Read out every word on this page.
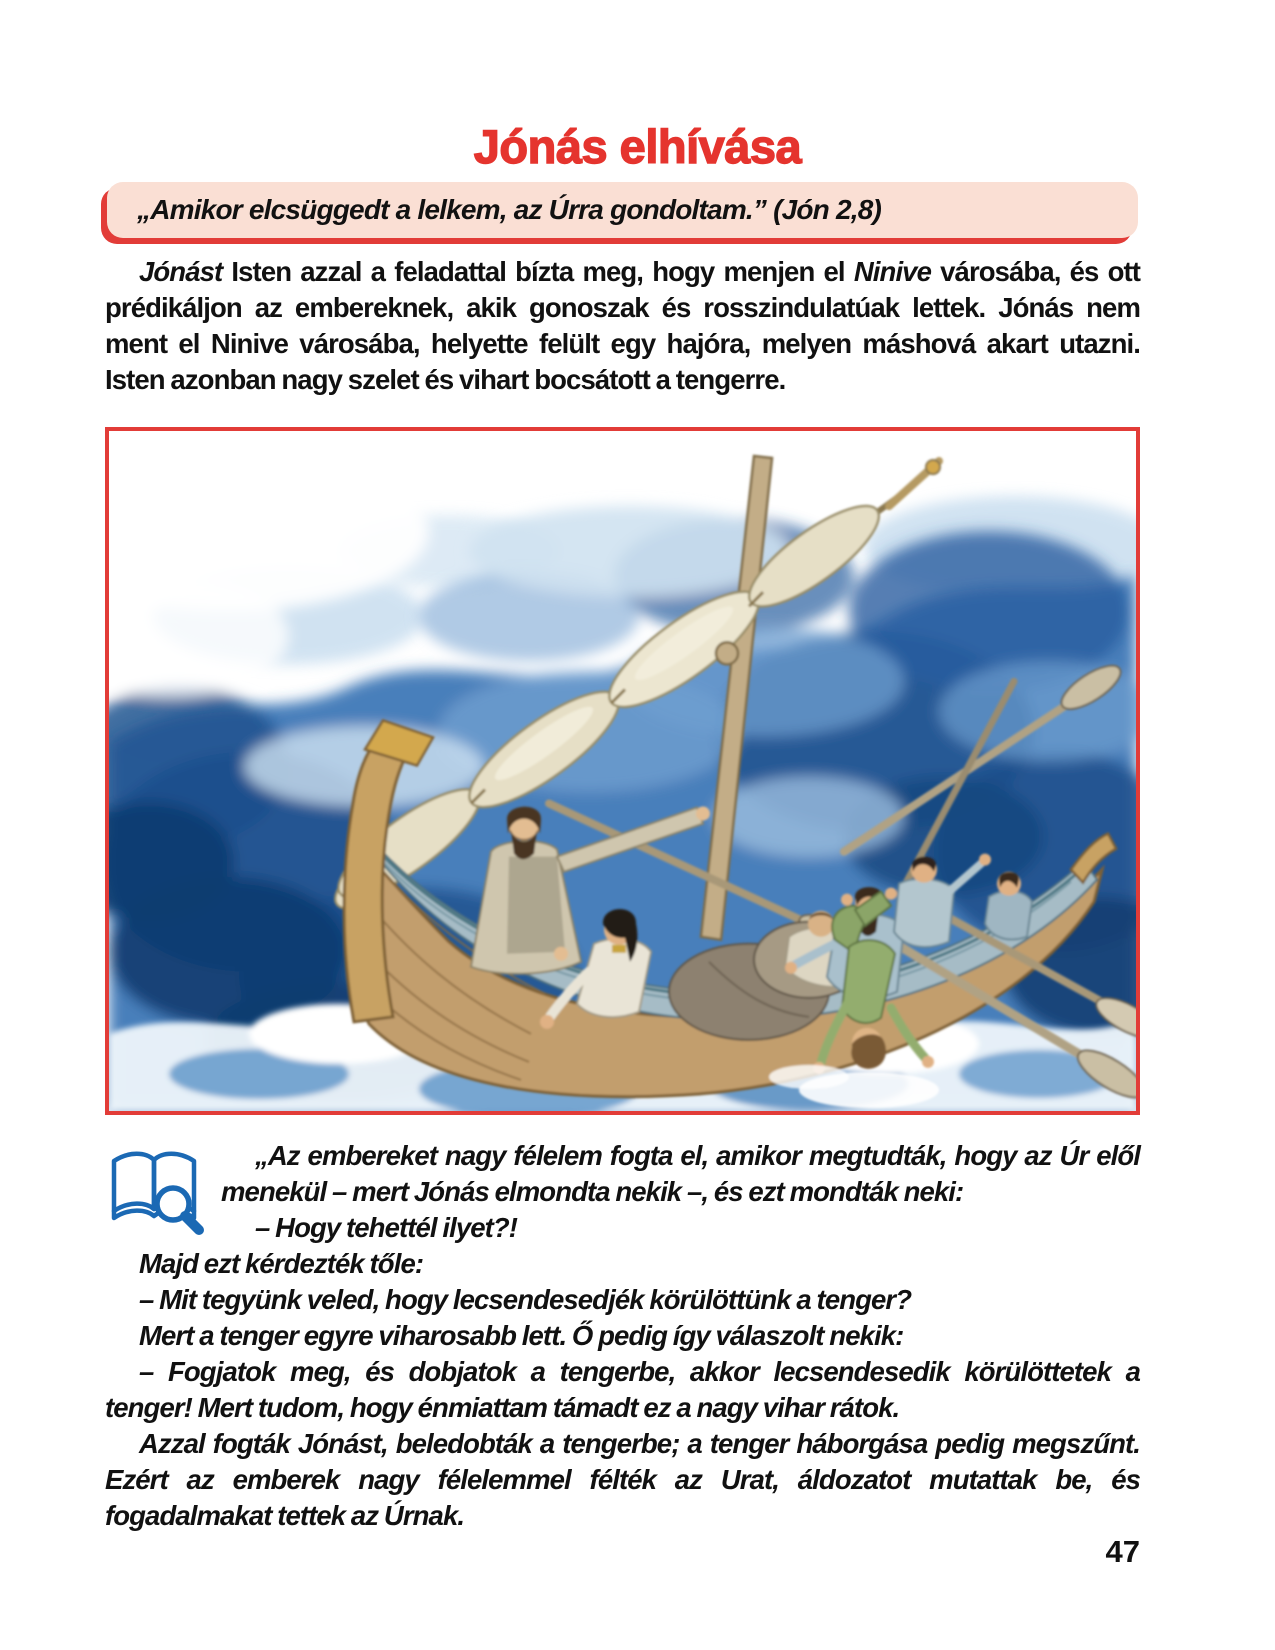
Jónás elhívása
„Amikor elcsüggedt a lelkem, az Úrra gondoltam.” (Jón 2,8)

Jónást Isten azzal a feladattal bízta meg, hogy menjen el Ninive városába, és ott prédikáljon az embereknek, akik gonoszak és rosszindulatúak lettek. Jónás nem ment el Ninive városába, helyette felült egy hajóra, melyen máshová akart utazni. Isten azonban nagy szelet és vihart bocsátott a tengerre.

„Az embereket nagy félelem fogta el, amikor megtudták, hogy az Úr elől menekül – mert Jónás elmondta nekik –, és ezt mondták neki:

– Hogy tehettél ilyet?!

Majd ezt kérdezték tőle:

– Mit tegyünk veled, hogy lecsendesedjék körülöttünk a tenger?

Mert a tenger egyre viharosabb lett. Ő pedig így válaszolt nekik:

– Fogjatok meg, és dobjatok a tengerbe, akkor lecsendesedik körülöttetek a tenger! Mert tudom, hogy énmiattam támadt ez a nagy vihar rátok.

Azzal fogták Jónást, beledobták a tengerbe; a tenger háborgása pedig megszűnt. Ezért az emberek nagy félelemmel félték az Urat, áldozatot mutattak be, és fogadalmakat tettek az Úrnak.

47
